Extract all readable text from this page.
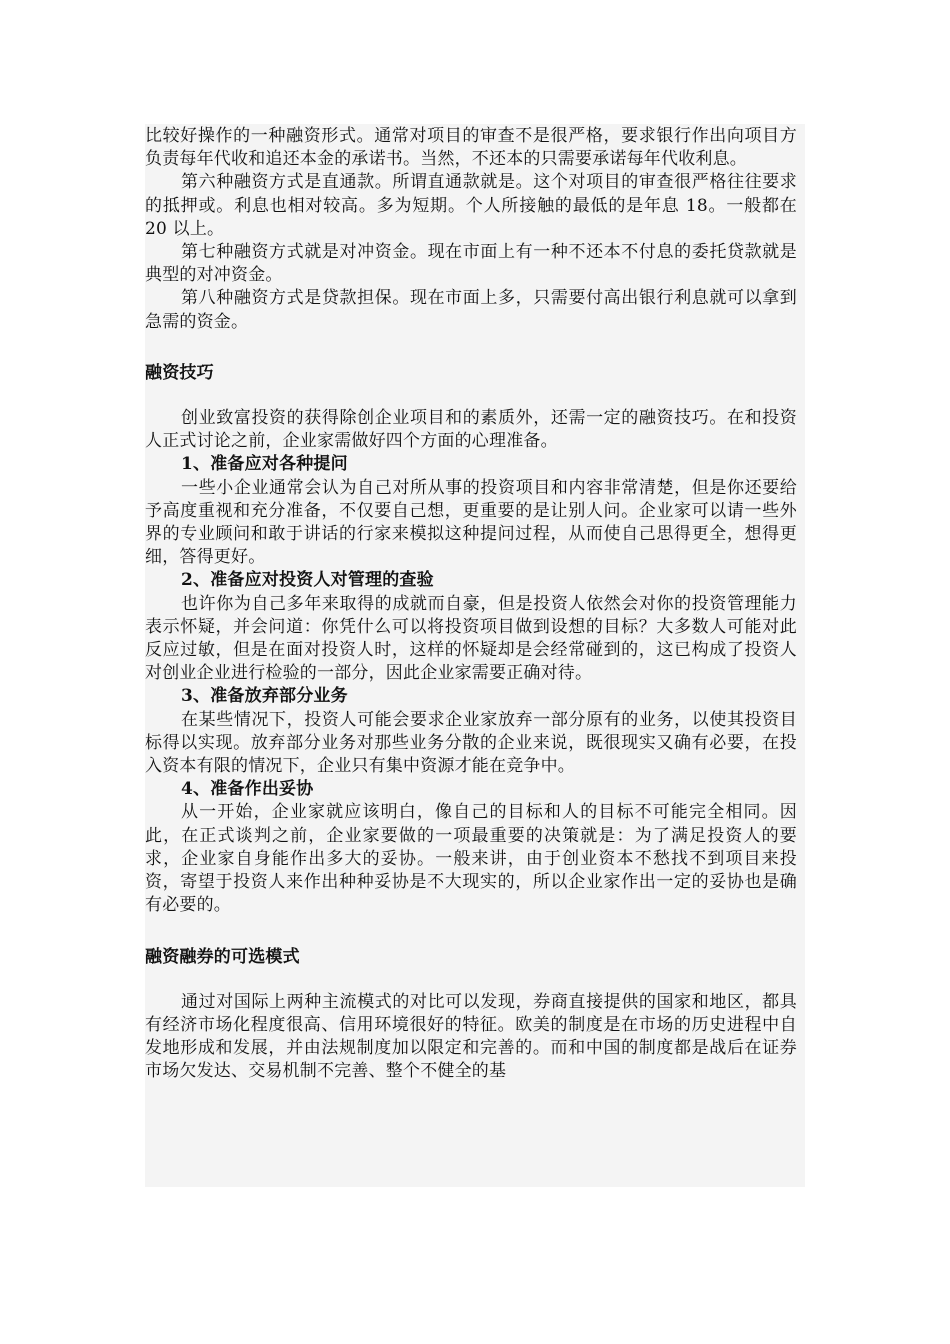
比较好操作的一种融资形式。通常对项目的审查不是很严格，要求银行作出向项目方负责每年代收和追还本金的承诺书。当然，不还本的只需要承诺每年代收利息。

第六种融资方式是直通款。所谓直通款就是。这个对项目的审查很严格往往要求的抵押或。利息也相对较高。多为短期。个人所接触的最低的是年息 18。一般都在 20 以上。

第七种融资方式就是对冲资金。现在市面上有一种不还本不付息的委托贷款就是典型的对冲资金。

第八种融资方式是贷款担保。现在市面上多，只需要付高出银行利息就可以拿到急需的资金。

融资技巧

创业致富投资的获得除创企业项目和的素质外，还需一定的融资技巧。在和投资人正式讨论之前，企业家需做好四个方面的心理准备。

1、准备应对各种提问

一些小企业通常会认为自己对所从事的投资项目和内容非常清楚，但是你还要给予高度重视和充分准备，不仅要自己想，更重要的是让别人问。企业家可以请一些外界的专业顾问和敢于讲话的行家来模拟这种提问过程，从而使自己思得更全，想得更细，答得更好。

2、准备应对投资人对管理的查验

也许你为自己多年来取得的成就而自豪，但是投资人依然会对你的投资管理能力表示怀疑，并会问道：你凭什么可以将投资项目做到设想的目标？大多数人可能对此反应过敏，但是在面对投资人时，这样的怀疑却是会经常碰到的，这已构成了投资人对创业企业进行检验的一部分，因此企业家需要正确对待。

3、准备放弃部分业务

在某些情况下，投资人可能会要求企业家放弃一部分原有的业务，以使其投资目标得以实现。放弃部分业务对那些业务分散的企业来说，既很现实又确有必要，在投入资本有限的情况下，企业只有集中资源才能在竞争中。

4、准备作出妥协

从一开始，企业家就应该明白，像自己的目标和人的目标不可能完全相同。因此，在正式谈判之前，企业家要做的一项最重要的决策就是：为了满足投资人的要求，企业家自身能作出多大的妥协。一般来讲，由于创业资本不愁找不到项目来投资，寄望于投资人来作出种种妥协是不大现实的，所以企业家作出一定的妥协也是确有必要的。

融资融券的可选模式

通过对国际上两种主流模式的对比可以发现，券商直接提供的国家和地区，都具有经济市场化程度很高、信用环境很好的特征。欧美的制度是在市场的历史进程中自发地形成和发展，并由法规制度加以限定和完善的。而和中国的制度都是战后在证券市场欠发达、交易机制不完善、整个不健全的基
